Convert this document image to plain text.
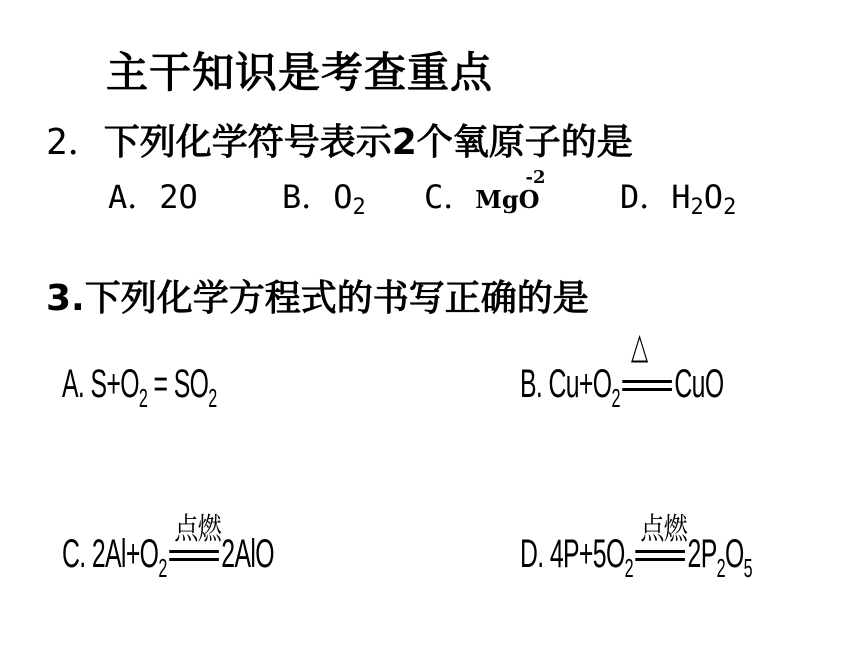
主干知识是考查重点
2．下列化学符号表示2个氧原子的是
A．2O	B．$O_2$ C．MgO
-2
D．$H_2O_2$
3.下列化学方程式的书写正确的是
A. $S+O_2 = SO_2$	B. $Cu+O_2$
△
CuO
C. $2Al+O_2$
点燃
2AlO	D. $4P+5O_2$
点燃
$2P_2O_5$
